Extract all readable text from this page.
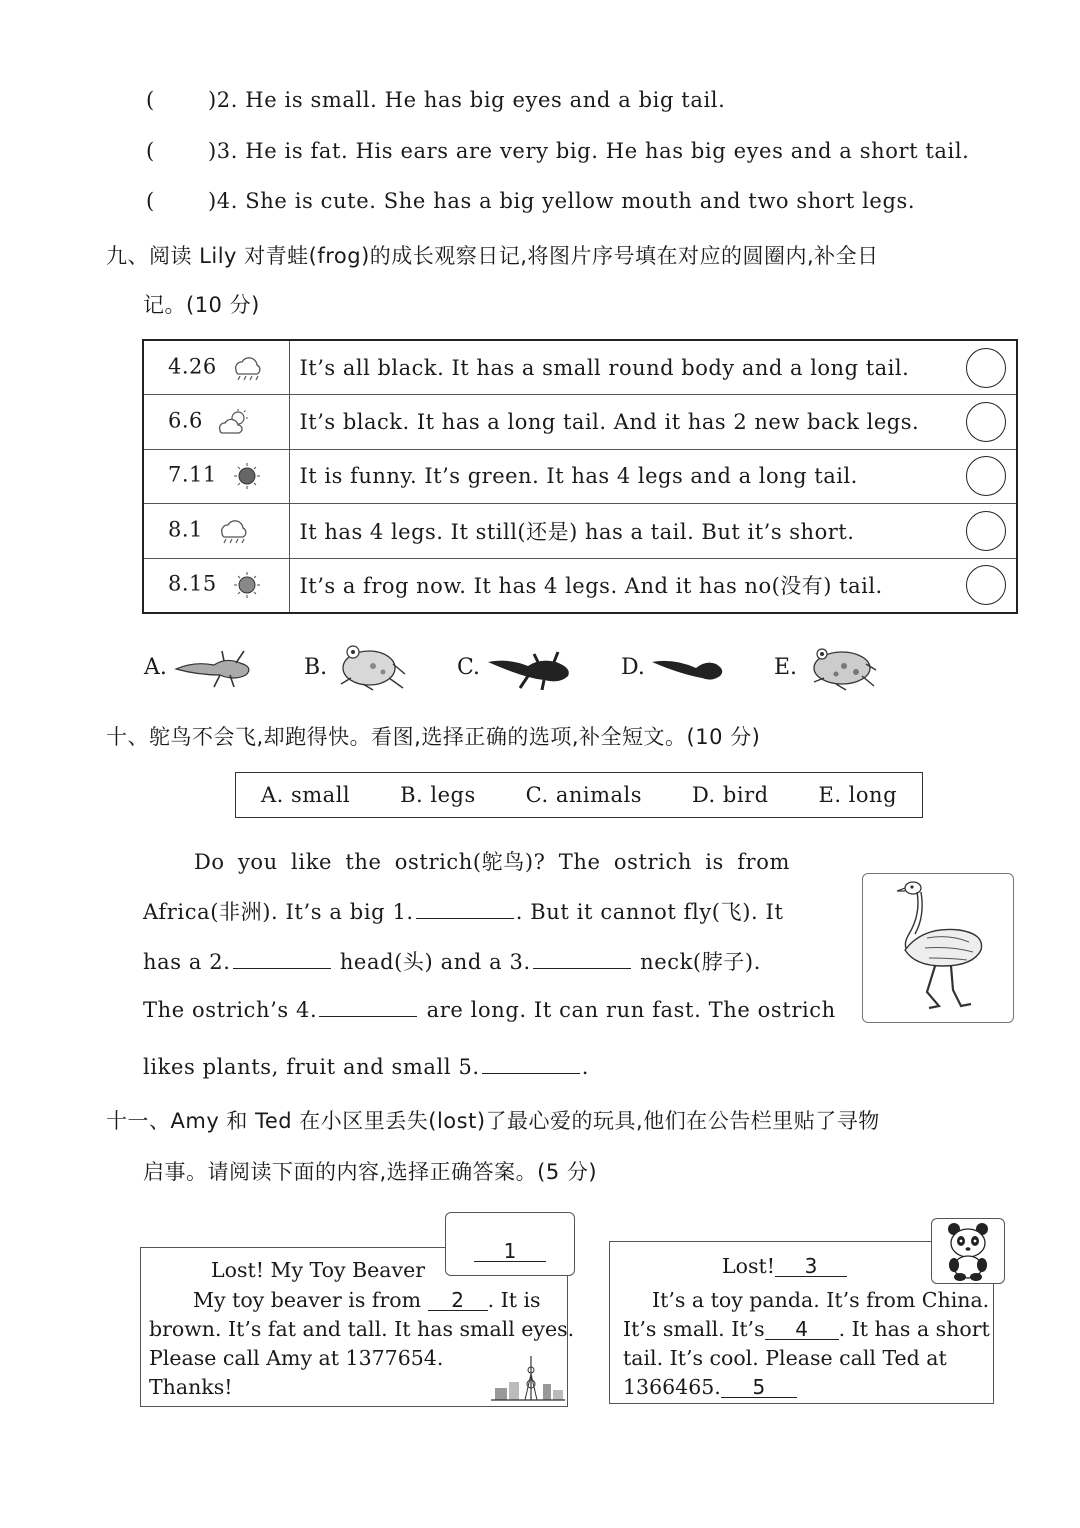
(	)2. He is small. He has big eyes and a big tail.
(	)3. He is fat. His ears are very big. He has big eyes and a short tail.
(	)4. She is cute. She has a big yellow mouth and two short legs.
九、阅读 Lily 对青蛙(frog)的成长观察日记,将图片序号填在对应的圆圈内,补全日
记。(10 分)
4.26	It’s all black. It has a small round body and a long tail.	
6.6	It’s black. It has a long tail. And it has 2 new back legs.	
7.11	It is funny. It’s green. It has 4 legs and a long tail.	
8.1	It has 4 legs. It still(还是) has a tail. But it’s short.	
8.15	It’s a frog now. It has 4 legs. And it has no(没有) tail.	
A.	B.	C.	D.	E.
十、鸵鸟不会飞,却跑得快。看图,选择正确的选项,补全短文。(10 分)
A. small B. legs C. animals D. bird E. long
Do you like the ostrich(鸵鸟)? The ostrich is from
Africa(非洲). It’s a big 1.	. But it cannot fly(飞). It
has a 2.	head(头) and a 3.	neck(脖子).
The ostrich’s 4.	are long. It can run fast. The ostrich
likes plants, fruit and small 5.	.
十一、Amy 和 Ted 在小区里丢失(lost)了最心爱的玩具,他们在公告栏里贴了寻物
启事。请阅读下面的内容,选择正确答案。(5 分)
Lost! My Toy Beaver
My toy beaver is from 2 . It is
brown. It’s fat and tall. It has small eyes.
Please call Amy at 1377654.
Thanks!
1
Lost! 3
It’s a toy panda. It’s from China.
It’s small. It’s 4 . It has a short
tail. It’s cool. Please call Ted at
1366465. 5
